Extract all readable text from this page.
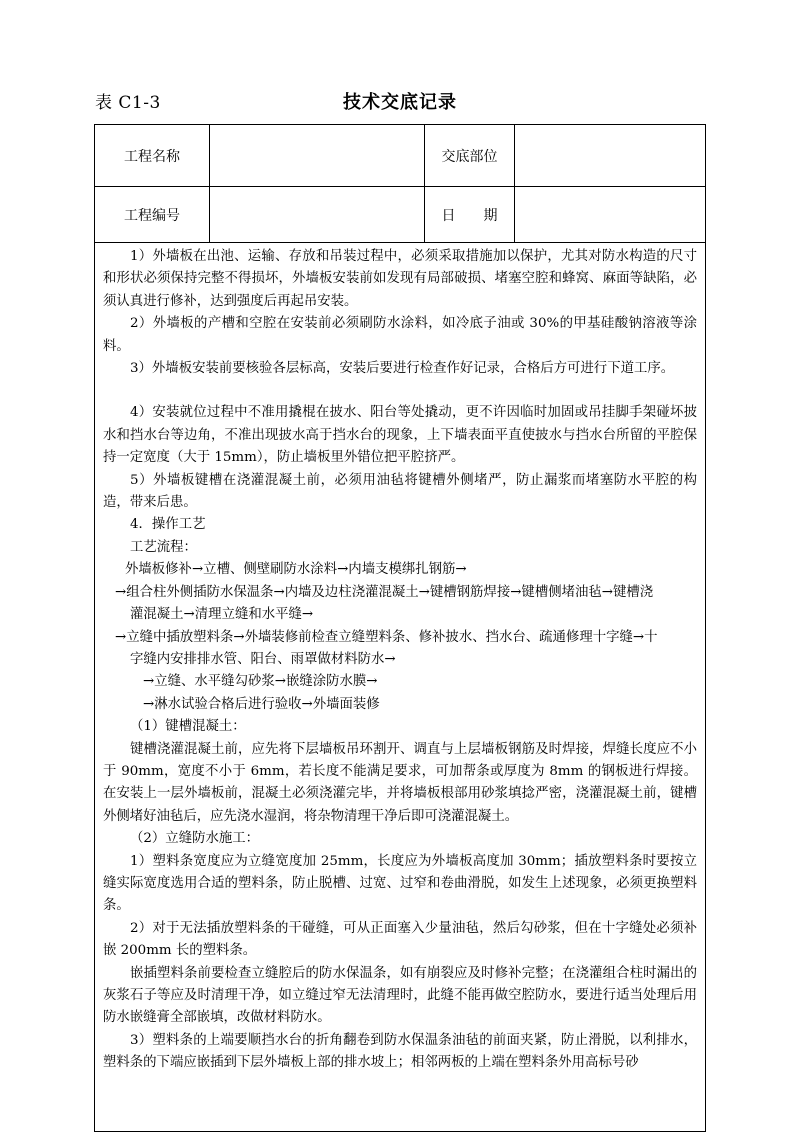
表 C1-3	技术交底记录
工程名称	交底部位
工程编号	日　　期

1）外墙板在出池、运输、存放和吊装过程中，必须采取措施加以保护，尤其对防水构造的尺寸和形状必须保持完整不得损坏，外墙板安装前如发现有局部破损、堵塞空腔和蜂窝、麻面等缺陷，必须认真进行修补，达到强度后再起吊安装。

2）外墙板的产槽和空腔在安装前必须刷防水涂料，如冷底子油或 30%的甲基硅酸钠溶液等涂料。

3）外墙板安装前要核验各层标高，安装后要进行检查作好记录，合格后方可进行下道工序。

4）安装就位过程中不准用撬棍在披水、阳台等处撬动，更不许因临时加固或吊挂脚手架碰坏披水和挡水台等边角，不准出现披水高于挡水台的现象，上下墙表面平直使披水与挡水台所留的平腔保持一定宽度（大于 15mm），防止墙板里外错位把平腔挤严。

5）外墙板键槽在浇灌混凝土前，必须用油毡将键槽外侧堵严，防止漏浆而堵塞防水平腔的构造，带来后患。

4．操作工艺

工艺流程：

外墙板修补→立槽、侧壁刷防水涂料→内墙支模绑扎钢筋→

→组合柱外侧插防水保温条→内墙及边柱浇灌混凝土→键槽钢筋焊接→键槽侧堵油毡→键槽浇

灌混凝土→清理立缝和水平缝→

→立缝中插放塑料条→外墙装修前检查立缝塑料条、修补披水、挡水台、疏通修理十字缝→十

字缝内安排排水管、阳台、雨罩做材料防水→

→立缝、水平缝勾砂浆→嵌缝涂防水膜→

→淋水试验合格后进行验收→外墙面装修

（1）键槽混凝土：

键槽浇灌混凝土前，应先将下层墙板吊环割开、调直与上层墙板钢筋及时焊接，焊缝长度应不小于 90mm，宽度不小于 6mm，若长度不能满足要求，可加帮条或厚度为 8mm 的钢板进行焊接。在安装上一层外墙板前，混凝土必须浇灌完毕，并将墙板根部用砂浆填捻严密，浇灌混凝土前，键槽外侧堵好油毡后，应先浇水湿润，将杂物清理干净后即可浇灌混凝土。

（2）立缝防水施工：

1）塑料条宽度应为立缝宽度加 25mm，长度应为外墙板高度加 30mm；插放塑料条时要按立缝实际宽度选用合适的塑料条，防止脱槽、过宽、过窄和卷曲滑脱，如发生上述现象，必须更换塑料条。

2）对于无法插放塑料条的干碰缝，可从正面塞入少量油毡，然后勾砂浆，但在十字缝处必须补嵌 200mm 长的塑料条。

嵌插塑料条前要检查立缝腔后的防水保温条，如有崩裂应及时修补完整；在浇灌组合柱时漏出的灰浆石子等应及时清理干净，如立缝过窄无法清理时，此缝不能再做空腔防水，要进行适当处理后用防水嵌缝膏全部嵌填，改做材料防水。

3）塑料条的上端要顺挡水台的折角翻卷到防水保温条油毡的前面夹紧，防止滑脱，以利排水，塑料条的下端应嵌插到下层外墙板上部的排水坡上；相邻两板的上端在塑料条外用高标号砂
